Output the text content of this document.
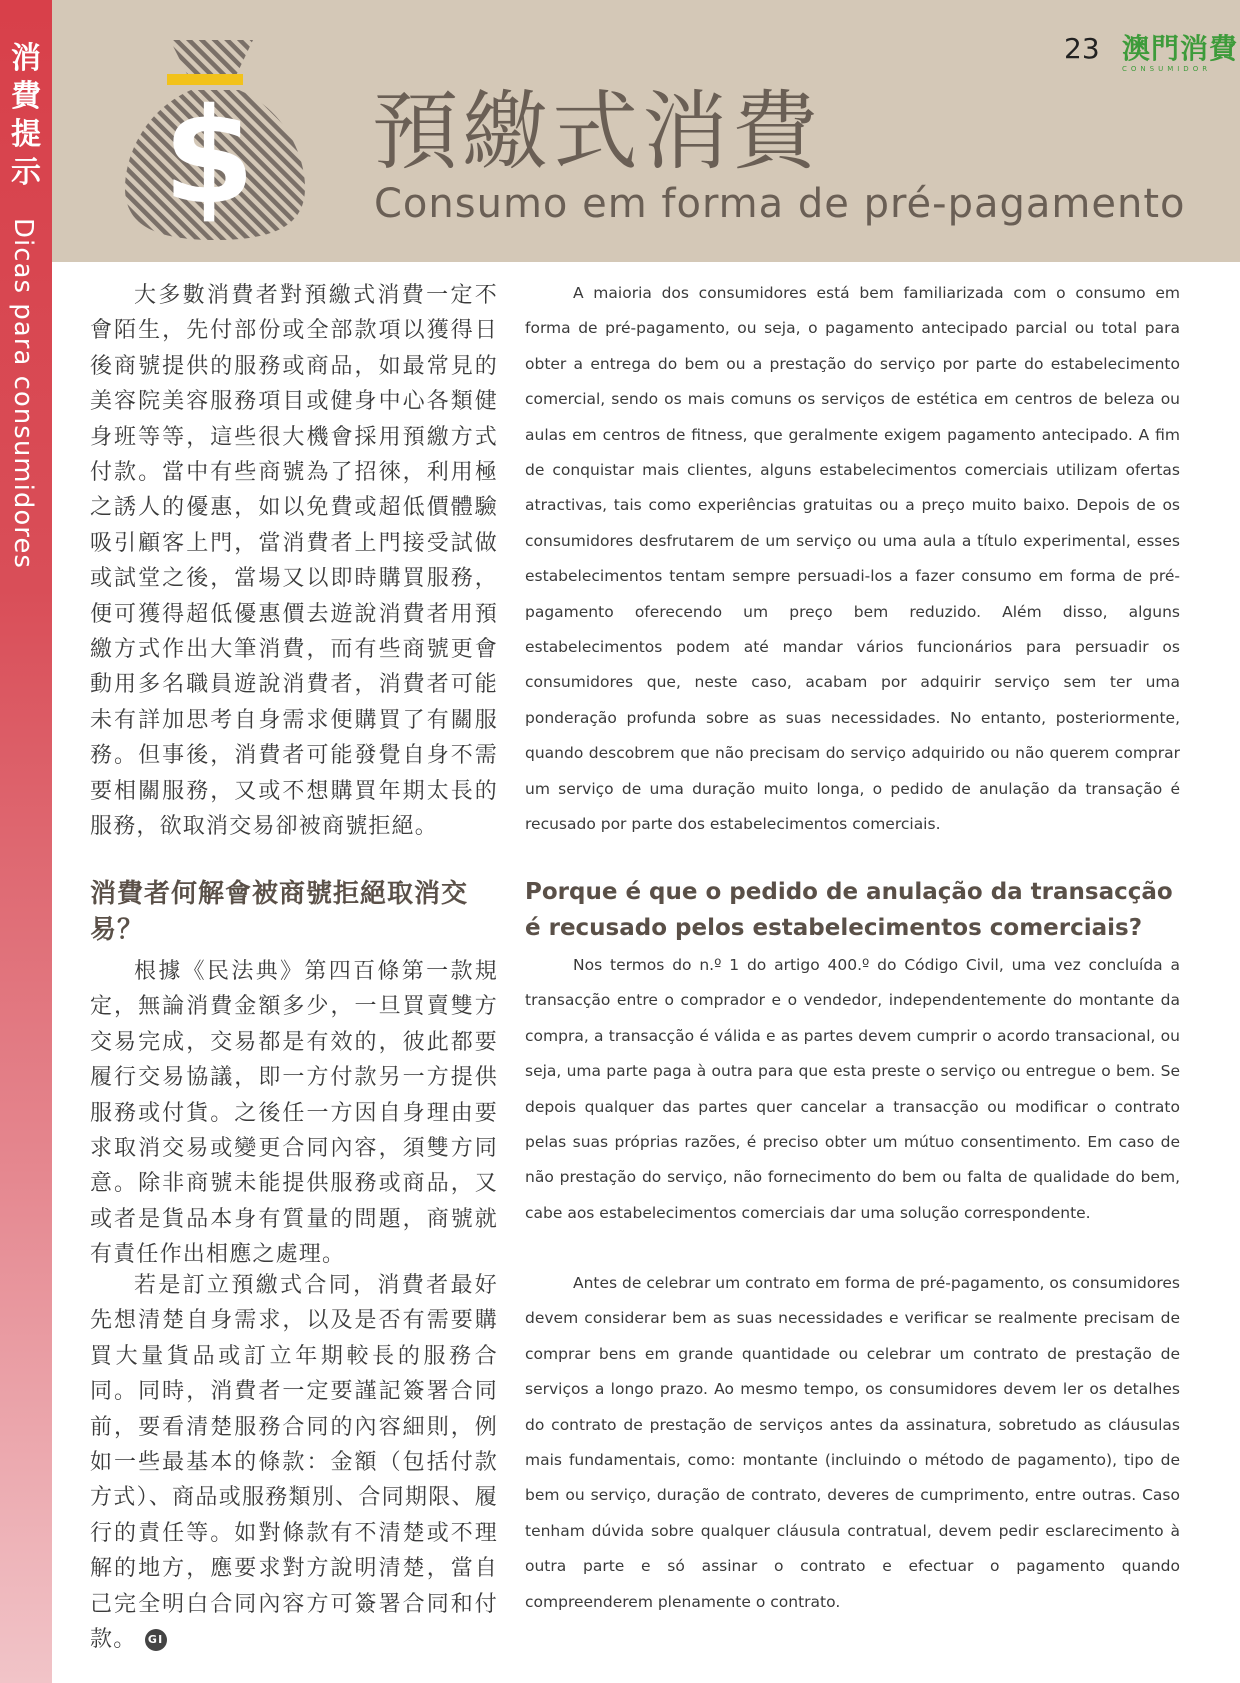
消
費
提
示
Dicas para consumidores
23 澳門消費
CONSUMIDOR
預繳式消費
Consumo em forma de pré-pagamento
$

大多數消費者對預繳式消費一定不會陌生，先付部份或全部款項以獲得日後商號提供的服務或商品，如最常見的美容院美容服務項目或健身中心各類健身班等等，這些很大機會採用預繳方式付款。當中有些商號為了招徠，利用極之誘人的優惠，如以免費或超低價體驗吸引顧客上門，當消費者上門接受試做或試堂之後，當場又以即時購買服務，便可獲得超低優惠價去遊說消費者用預繳方式作出大筆消費，而有些商號更會動用多名職員遊說消費者，消費者可能未有詳加思考自身需求便購買了有關服務。但事後，消費者可能發覺自身不需要相關服務，又或不想購買年期太長的服務，欲取消交易卻被商號拒絕。

消費者何解會被商號拒絕取消交易？

根據《民法典》第四百條第一款規定，無論消費金額多少，一旦買賣雙方交易完成，交易都是有效的，彼此都要履行交易協議，即一方付款另一方提供服務或付貨。之後任一方因自身理由要求取消交易或變更合同內容，須雙方同意。除非商號未能提供服務或商品，又或者是貨品本身有質量的問題，商號就有責任作出相應之處理。

若是訂立預繳式合同，消費者最好先想清楚自身需求，以及是否有需要購買大量貨品或訂立年期較長的服務合同。同時，消費者一定要謹記簽署合同前，要看清楚服務合同的內容細則，例如一些最基本的條款：金額（包括付款方式）、商品或服務類別、合同期限、履行的責任等。如對條款有不清楚或不理解的地方，應要求對方說明清楚，當自己完全明白合同內容方可簽署合同和付款。 GI

A maioria dos consumidores está bem familiarizada com o consumo em forma de pré-pagamento, ou seja, o pagamento antecipado parcial ou total para obter a entrega do bem ou a prestação do serviço por parte do estabelecimento comercial, sendo os mais comuns os serviços de estética em centros de beleza ou aulas em centros de fitness, que geralmente exigem pagamento antecipado. A fim de conquistar mais clientes, alguns estabelecimentos comerciais utilizam ofertas atractivas, tais como experiências gratuitas ou a preço muito baixo. Depois de os consumidores desfrutarem de um serviço ou uma aula a título experimental, esses estabelecimentos tentam sempre persuadi-los a fazer consumo em forma de pré-pagamento oferecendo um preço bem reduzido. Além disso, alguns estabelecimentos podem até mandar vários funcionários para persuadir os consumidores que, neste caso, acabam por adquirir serviço sem ter uma ponderação profunda sobre as suas necessidades. No entanto, posteriormente, quando descobrem que não precisam do serviço adquirido ou não querem comprar um serviço de uma duração muito longa, o pedido de anulação da transação é recusado por parte dos estabelecimentos comerciais.

Porque é que o pedido de anulação da transacção é recusado pelos estabelecimentos comerciais?

Nos termos do n.º 1 do artigo 400.º do Código Civil, uma vez concluída a transacção entre o comprador e o vendedor, independentemente do montante da compra, a transacção é válida e as partes devem cumprir o acordo transacional, ou seja, uma parte paga à outra para que esta preste o serviço ou entregue o bem. Se depois qualquer das partes quer cancelar a transacção ou modificar o contrato pelas suas próprias razões, é preciso obter um mútuo consentimento. Em caso de não prestação do serviço, não fornecimento do bem ou falta de qualidade do bem, cabe aos estabelecimentos comerciais dar uma solução correspondente.

Antes de celebrar um contrato em forma de pré-pagamento, os consumidores devem considerar bem as suas necessidades e verificar se realmente precisam de comprar bens em grande quantidade ou celebrar um contrato de prestação de serviços a longo prazo. Ao mesmo tempo, os consumidores devem ler os detalhes do contrato de prestação de serviços antes da assinatura, sobretudo as cláusulas mais fundamentais, como: montante (incluindo o método de pagamento), tipo de bem ou serviço, duração de contrato, deveres de cumprimento, entre outras. Caso tenham dúvida sobre qualquer cláusula contratual, devem pedir esclarecimento à outra parte e só assinar o contrato e efectuar o pagamento quando compreenderem plenamente o contrato.
